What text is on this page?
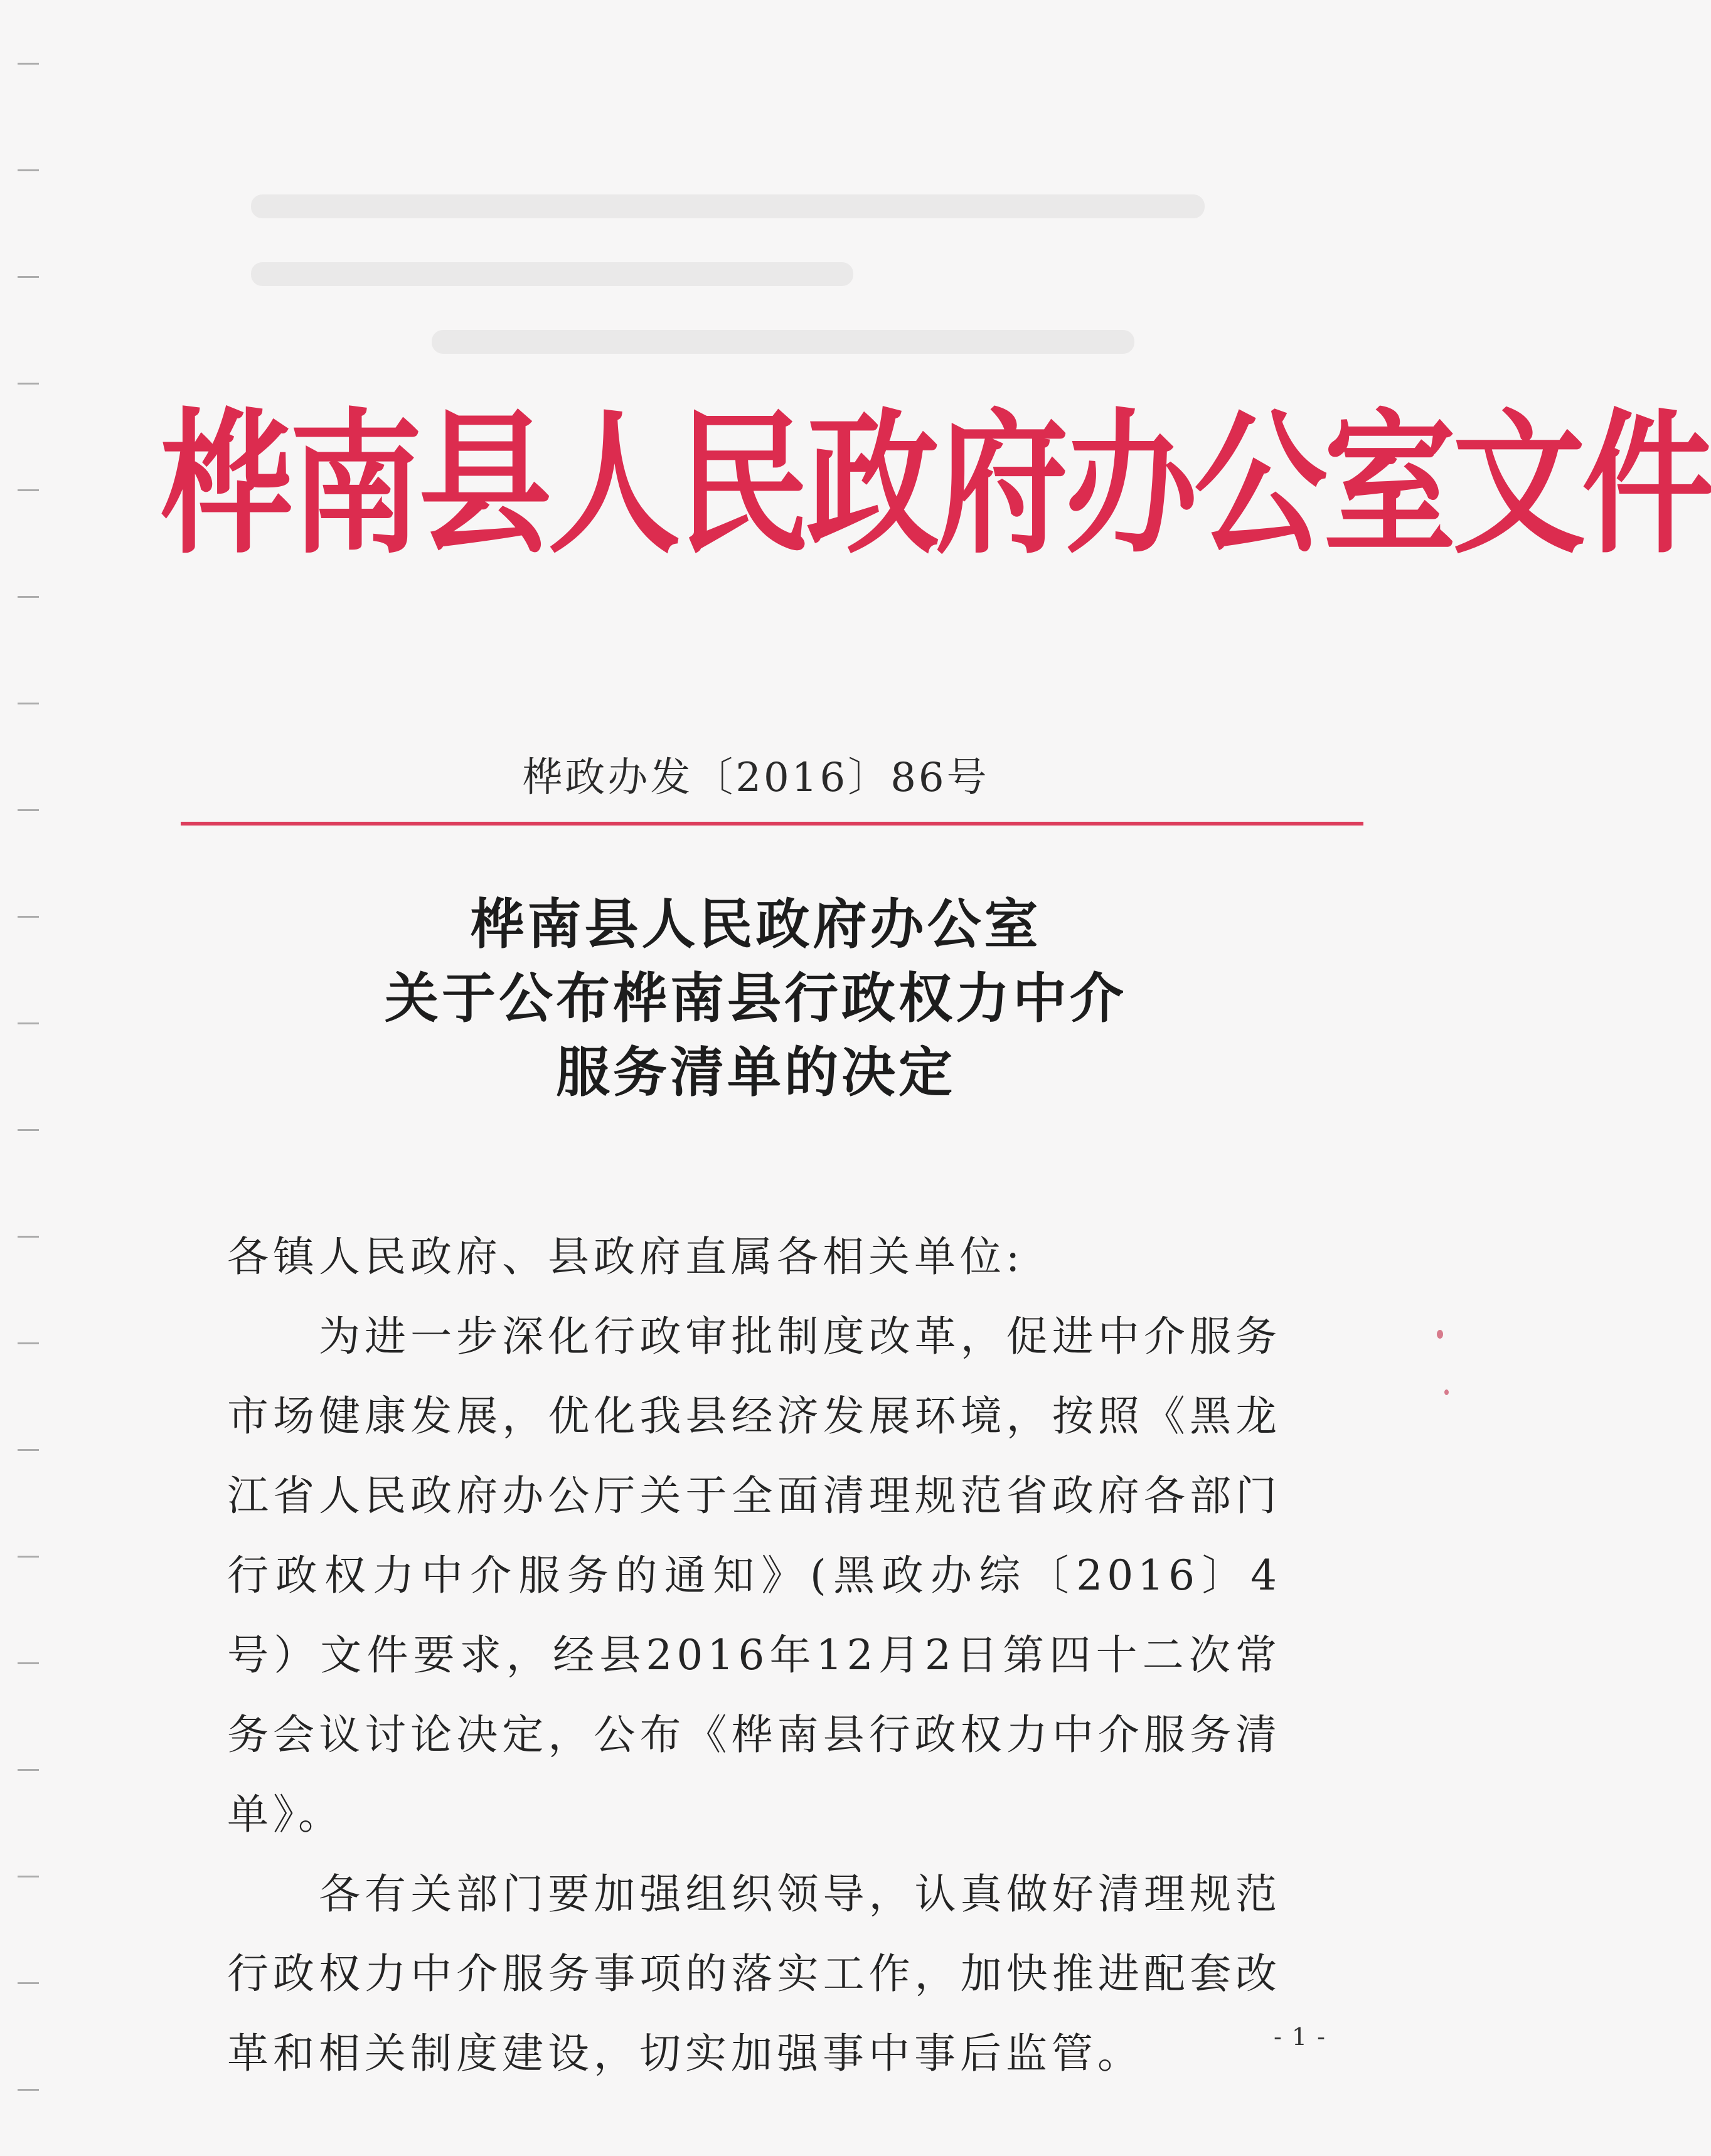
桦南县人民政府办公室文件
桦政办发〔2016〕86号
桦南县人民政府办公室
关于公布桦南县行政权力中介
服务清单的决定

各镇人民政府、县政府直属各相关单位:

为进一步深化行政审批制度改革，促进中介服务市场健康发展，优化我县经济发展环境，按照《黑龙江省人民政府办公厅关于全面清理规范省政府各部门行政权力中介服务的通知》(黑政办综〔2016〕4号）文件要求，经县2016年12月2日第四十二次常务会议讨论决定，公布《桦南县行政权力中介服务清单》。

各有关部门要加强组织领导，认真做好清理规范行政权力中介服务事项的落实工作，加快推进配套改革和相关制度建设，切实加强事中事后监管。	- 1 -
